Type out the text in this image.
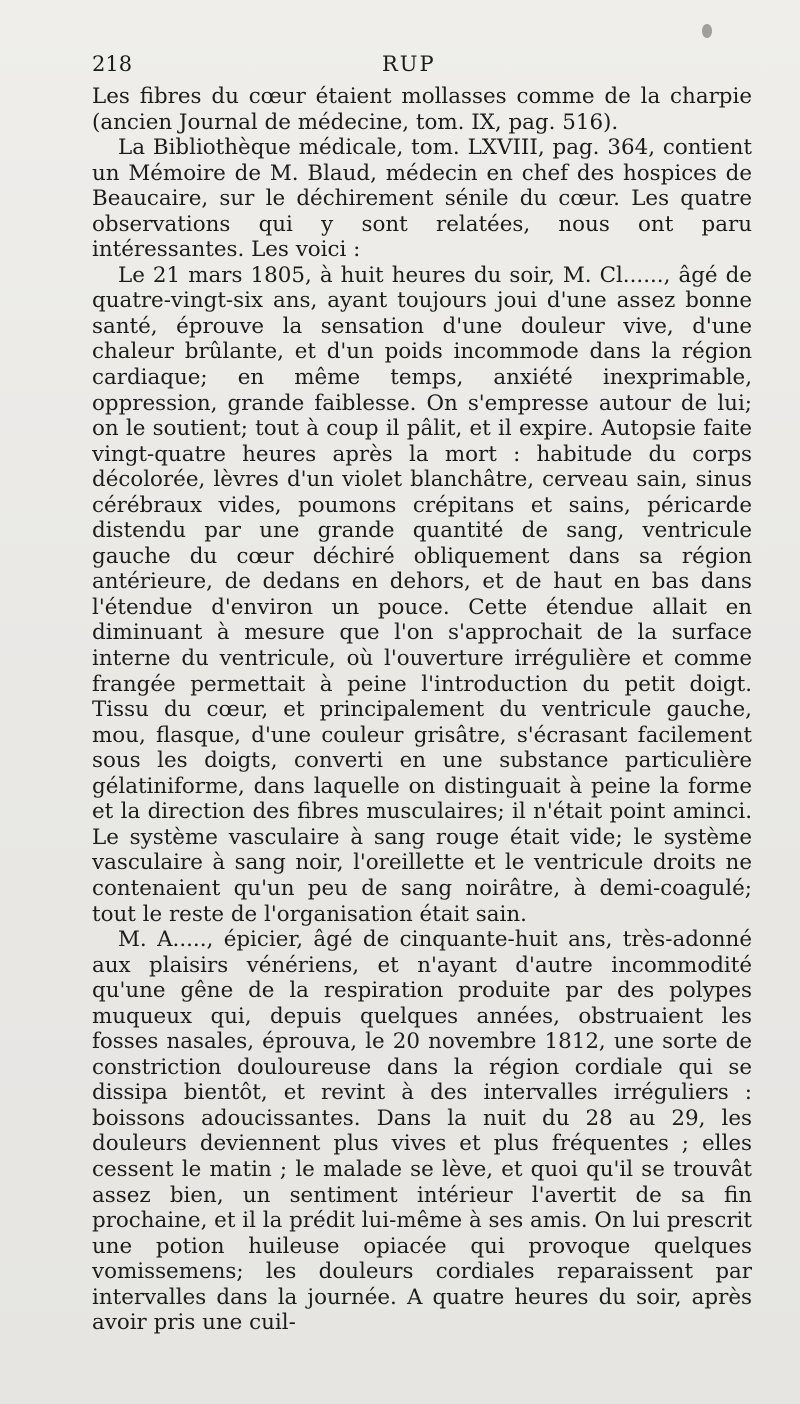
218	RUP

Les fibres du cœur étaient mollasses comme de la charpie (ancien Journal de médecine, tom. IX, pag. 516).

La Bibliothèque médicale, tom. LXVIII, pag. 364, contient un Mémoire de M. Blaud, médecin en chef des hospices de Beaucaire, sur le déchirement sénile du cœur. Les quatre observations qui y sont relatées, nous ont paru intéressantes. Les voici :

Le 21 mars 1805, à huit heures du soir, M. Cl......, âgé de quatre-vingt-six ans, ayant toujours joui d'une assez bonne santé, éprouve la sensation d'une douleur vive, d'une chaleur brûlante, et d'un poids incommode dans la région cardiaque; en même temps, anxiété inexprimable, oppression, grande faiblesse. On s'empresse autour de lui; on le soutient; tout à coup il pâlit, et il expire. Autopsie faite vingt-quatre heures après la mort : habitude du corps décolorée, lèvres d'un violet blanchâtre, cerveau sain, sinus cérébraux vides, poumons crépitans et sains, péricarde distendu par une grande quantité de sang, ventricule gauche du cœur déchiré obliquement dans sa région antérieure, de dedans en dehors, et de haut en bas dans l'étendue d'environ un pouce. Cette étendue allait en diminuant à mesure que l'on s'approchait de la surface interne du ventricule, où l'ouverture irrégulière et comme frangée permettait à peine l'introduction du petit doigt. Tissu du cœur, et principalement du ventricule gauche, mou, flasque, d'une couleur grisâtre, s'écrasant facilement sous les doigts, converti en une substance particulière gélatiniforme, dans laquelle on distinguait à peine la forme et la direction des fibres musculaires; il n'était point aminci. Le système vasculaire à sang rouge était vide; le système vasculaire à sang noir, l'oreillette et le ventricule droits ne contenaient qu'un peu de sang noirâtre, à demi-coagulé; tout le reste de l'organisation était sain.

M. A....., épicier, âgé de cinquante-huit ans, très-adonné aux plaisirs vénériens, et n'ayant d'autre incommodité qu'une gêne de la respiration produite par des polypes muqueux qui, depuis quelques années, obstruaient les fosses nasales, éprouva, le 20 novembre 1812, une sorte de constriction douloureuse dans la région cordiale qui se dissipa bientôt, et revint à des intervalles irréguliers : boissons adoucissantes. Dans la nuit du 28 au 29, les douleurs deviennent plus vives et plus fréquentes ; elles cessent le matin ; le malade se lève, et quoi qu'il se trouvât assez bien, un sentiment intérieur l'avertit de sa fin prochaine, et il la prédit lui-même à ses amis. On lui prescrit une potion huileuse opiacée qui provoque quelques vomissemens; les douleurs cordiales reparaissent par intervalles dans la journée. A quatre heures du soir, après avoir pris une cuil-
